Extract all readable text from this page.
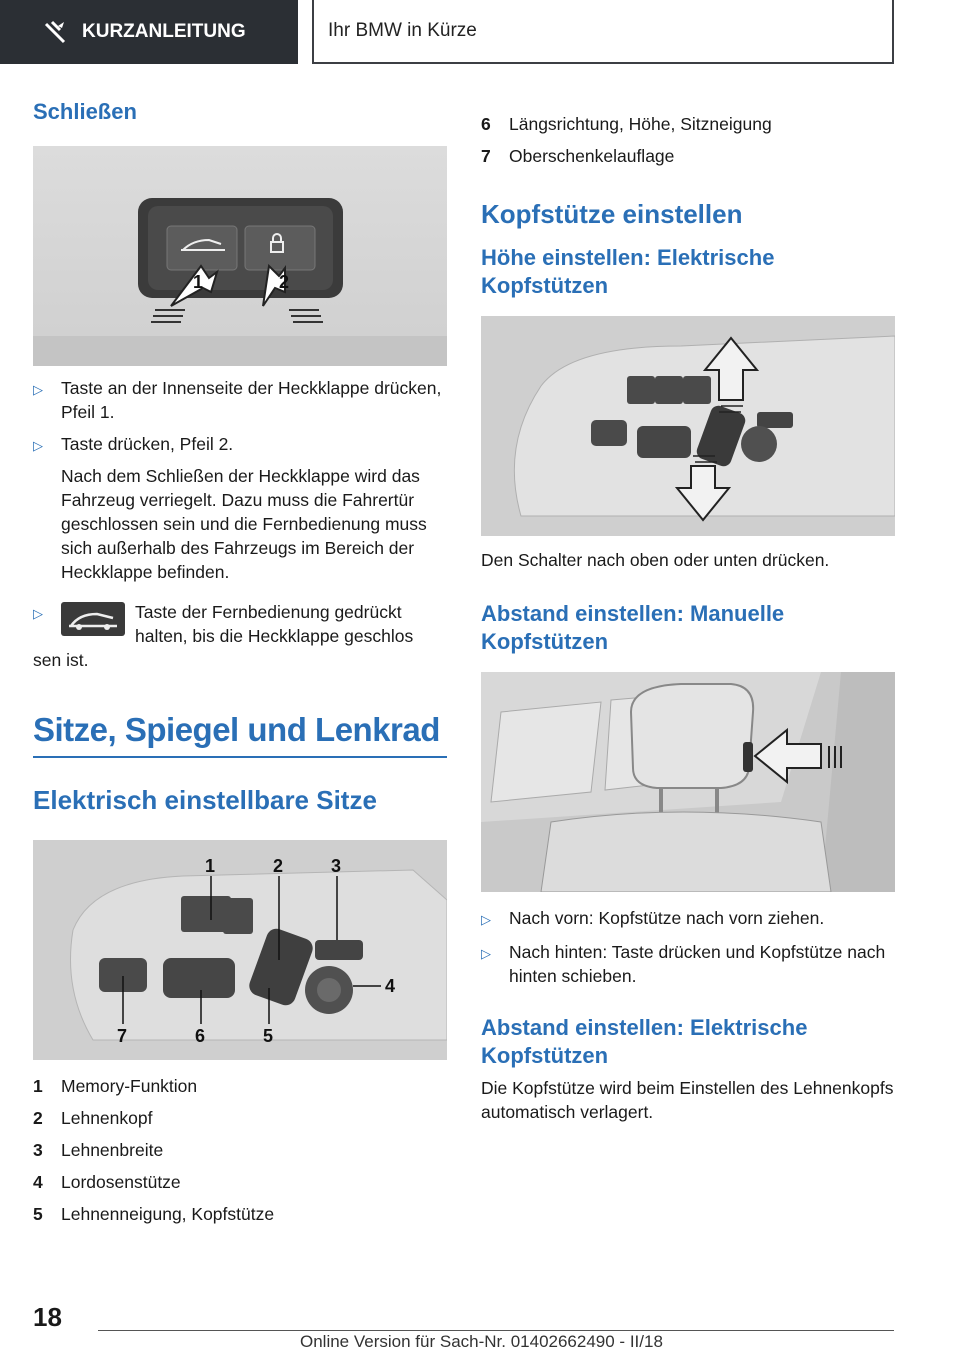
KURZANLEITUNG	Ihr BMW in Kürze
Schließen
1	2
▷	Taste an der Innenseite der Heckklappe drücken, Pfeil 1.
▷	Taste drücken, Pfeil 2.
Nach dem Schließen der Heckklappe wird das Fahrzeug verriegelt. Dazu muss die Fahrertür geschlossen sein und die Fernbedienung muss sich außerhalb des Fahrzeugs im Bereich der Heckklappe befinden.
▷	Taste der Fernbedienung gedrückt halten, bis die Heckklappe geschlos
sen ist.
Sitze, Spiegel und Lenkrad
Elektrisch einstellbare Sitze
1	2	3
4
5
6
7
1	Memory-Funktion
2	Lehnenkopf
3	Lehnenbreite
4	Lordosenstütze
5	Lehnenneigung, Kopfstütze
6	Längsrichtung, Höhe, Sitzneigung
7	Oberschenkelauflage
Kopfstütze einstellen
Höhe einstellen: Elektrische Kopfstützen

Den Schalter nach oben oder unten drücken.

Abstand einstellen: Manuelle Kopfstützen
▷	Nach vorn: Kopfstütze nach vorn ziehen.
▷	Nach hinten: Taste drücken und Kopfstütze nach hinten schieben.
Abstand einstellen: Elektrische Kopfstützen

Die Kopfstütze wird beim Einstellen des Lehnenkopfs automatisch verlagert.

18
Online Version für Sach-Nr. 01402662490 - II/18
